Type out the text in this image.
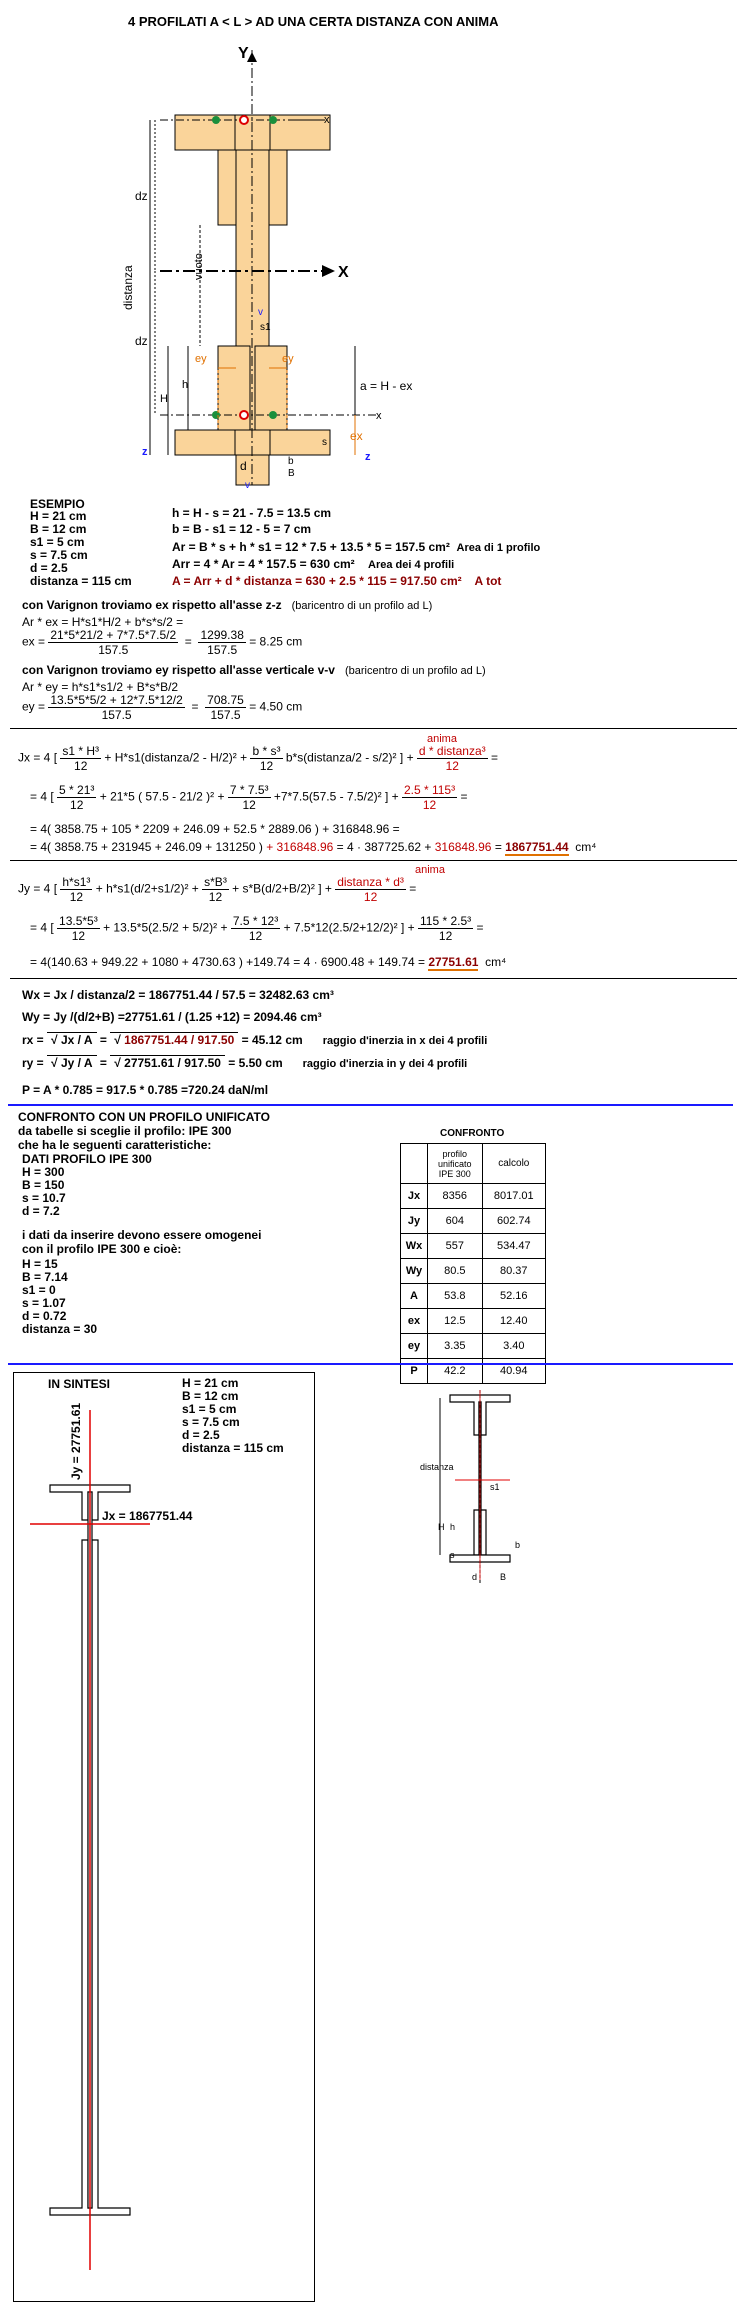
4 PROFILATI A < L > AD UNA CERTA DISTANZA CON ANIMA
Y
X
x
x
distanza
dz
dz
vuoto
H
h
ey	ey
v
v
s1
a = H - ex
ex
s
z	z
d	b
B
ESEMPIO
H = 21 cm
B = 12 cm
s1 = 5 cm
s = 7.5 cm
d = 2.5
distanza = 115 cm
h = H - s = 21 - 7.5 = 13.5 cm
b = B - s1 = 12 - 5 = 7 cm
Ar = B * s + h * s1 = 12 * 7.5 + 13.5 * 5 = 157.5 cm² Area di 1 profilo
Arr = 4 * Ar = 4 * 157.5 = 630 cm² Area dei 4 profili
A = Arr + d * distanza = 630 + 2.5 * 115 = 917.50 cm² A tot
con Varignon troviamo ex rispetto all'asse z-z (baricentro di un profilo ad L)
Ar * ex = H*s1*H/2 + b*s*s/2 =
ex = $\frac{21*5*21/2 + 7*7.5*7.5/2}{157.5} = \frac{1299.38}{157.5} = 8.25$ cm
con Varignon troviamo ey rispetto all'asse verticale v-v (baricentro di un profilo ad L)
Ar * ey = h*s1*s1/2 + B*s*B/2
ey = $\frac{13.5*5*5/2 + 12*7.5*12/2}{157.5} = \frac{708.75}{157.5} = 4.50$ cm
anima
Jx = 4 [ $\frac{\text{s1 * H³}}{12}$ + H*s1(distanza/2 - $H/2)^2 + \frac{\text{b * s³}}{12}$ b*s(distanza/2 - s/2)² ] + $\frac{\text{d * distanza³}}{12}$ =
= 4 [ $\frac{\text{5 * 21³}}{12} + 21*5$ ( 57.5 - 21/2 )$^2 + \frac{\text{7 * 7.5³}}{12} +7*7.5(57.5 - 7.5/2)^2$ ] + $\frac{\text{2.5 * 115³}}{12}$ =
= 4( 3858.75 + 105 * 2209 + 246.09 + 52.5 * 2889.06 ) + 316848.96 =
= 4( 3858.75 + 231945 + 246.09 + 131250 ) + 316848.96 = 4 · 387725.62 + 316848.96 = 1867751.44 cm⁴
anima
Jy = 4 [ $\frac{\text{h*s1³}}{12} + h*s1(d/2+s1/2)^2 + \frac{\text{s*B³}}{12} + s*B(d/2+B/2)^2$ ] + $\frac{\text{distanza * d³}}{12}$ =
= 4 [ $\frac{\text{13.5*5³}}{12} + 13.5*5(2.5/2 + 5/2)^2 + \frac{\text{7.5 * 12³}}{12} + 7.5*12(2.5/2+12/2)^2$ ] + $\frac{\text{115 * 2.5³}}{12}$ =
= 4(140.63 + 949.22 + 1080 + 4730.63 ) +149.74 = 4 · 6900.48 + 149.74 = 27751.61 cm⁴
Wx = Jx / distanza/2 = 1867751.44 / 57.5 = 32482.63 cm³
Wy = Jy /(d/2+B) =27751.61 / (1.25 +12) = 2094.46 cm³
rx = √ Jx / A = √ 1867751.44 / 917.50 = 45.12 cm raggio d'inerzia in x dei 4 profili
ry = √ Jy / A = √ 27751.61 / 917.50 = 5.50 cm raggio d'inerzia in y dei 4 profili
P = A * 0.785 = 917.5 * 0.785 =720.24 daN/ml
CONFRONTO CON UN PROFILO UNIFICATO
da tabelle si sceglie il profilo: IPE 300
che ha le seguenti caratteristiche:
DATI PROFILO IPE 300
H = 300
B = 150
s = 10.7
d = 7.2
i dati da inserire devono essere omogenei
con il profilo IPE 300 e cioè:
H = 15
B = 7.14
s1 = 0
s = 1.07
d = 0.72
distanza = 30
CONFRONTO

	profilo
unificato
IPE 300	calcolo
Jx	8356	8017.01
Jy	604	602.74
Wx	557	534.47
Wy	80.5	80.37
A	53.8	52.16
ex	12.5	12.40
ey	3.35	3.40
P	42.2	40.94
IN SINTESI	H = 21 cm
B = 12 cm
s1 = 5 cm
s = 7.5 cm
d = 2.5
distanza = 115 cm
Jy = 27751.61
Jx = 1867751.44
distanza
s1
H h
s
b
d	B
